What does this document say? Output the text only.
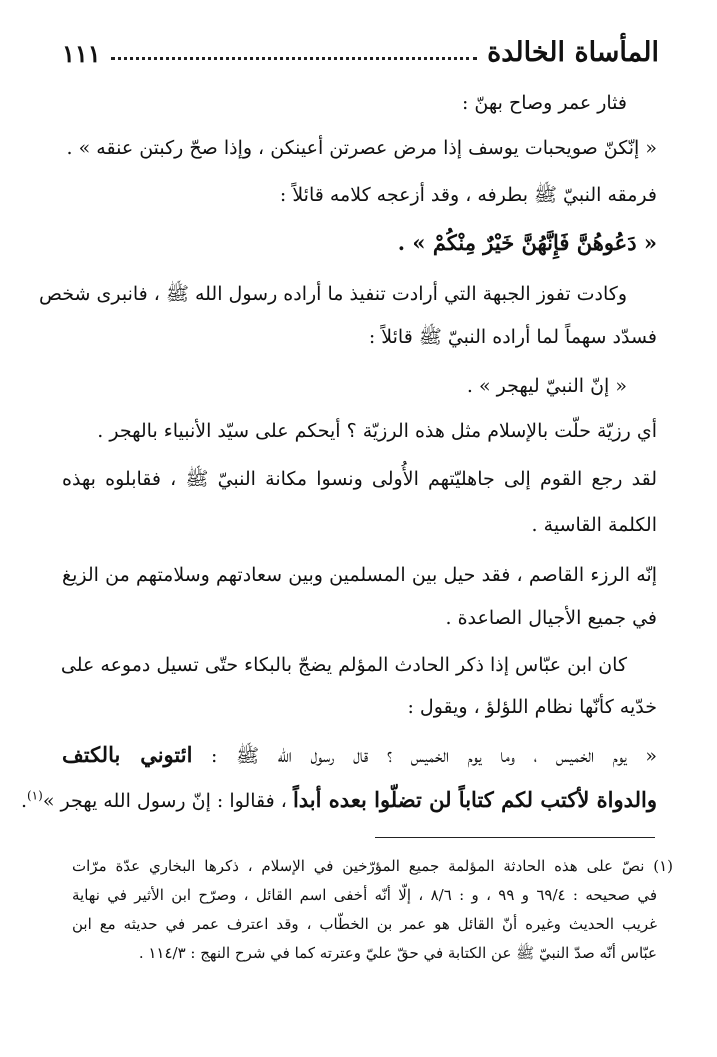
المأساة الخالدة
١١١
فثار عمر وصاح بهنّ :
« إنّكنّ صويحبات يوسف إذا مرض عصرتن أعينكن ، وإذا صحّ ركبتن عنقه » .
فرمقه النبيّ ﷺ بطرفه ، وقد أزعجه كلامه قائلاً :
« دَعُوهُنَّ فَإِنَّهُنَّ خَيْرٌ مِنْكُمْ » .
وكادت تفوز الجبهة التي أرادت تنفيذ ما أراده رسول الله ﷺ ، فانبرى شخص
فسدّد سهماً لما أراده النبيّ ﷺ قائلاً :
« إنّ النبيّ ليهجر » .
أي رزيّة حلّت بالإسلام مثل هذه الرزيّة ؟ أيحكم على سيّد الأنبياء بالهجر .
لقد رجع القوم إلى جاهليّتهم الأُولى ونسوا مكانة النبيّ ﷺ ، فقابلوه بهذه
الكلمة القاسية .
إنّه الرزء القاصم ، فقد حيل بين المسلمين وبين سعادتهم وسلامتهم من الزيغ
في جميع الأجيال الصاعدة .
كان ابن عبّاس إذا ذكر الحادث المؤلم يضجّ بالبكاء حتّى تسيل دموعه على
خدّيه كأنّها نظام اللؤلؤ ، ويقول :
« يوم الخميس ، وما يوم الخميس ؟ قال رسول الله ﷺ : ائتوني بالكتف
والدواة لأكتب لكم كتاباً لن تضلّوا بعده أبداً ، فقالوا : إنّ رسول الله يهجر »$^{(١)}$.
(١) نصّ على هذه الحادثة المؤلمة جميع المؤرّخين في الإسلام ، ذكرها البخاري عدّة مرّات
في صحيحه : ٦٩/٤ و ٩٩ ، و : ٨/٦ ، إلّا أنّه أخفى اسم القائل ، وصرّح ابن الأثير في نهاية
غريب الحديث وغيره أنّ القائل هو عمر بن الخطّاب ، وقد اعترف عمر في حديثه مع ابن
عبّاس أنّه صدّ النبيّ ﷺ عن الكتابة في حقّ عليّ وعترته كما في شرح النهج : ١١٤/٣ .
